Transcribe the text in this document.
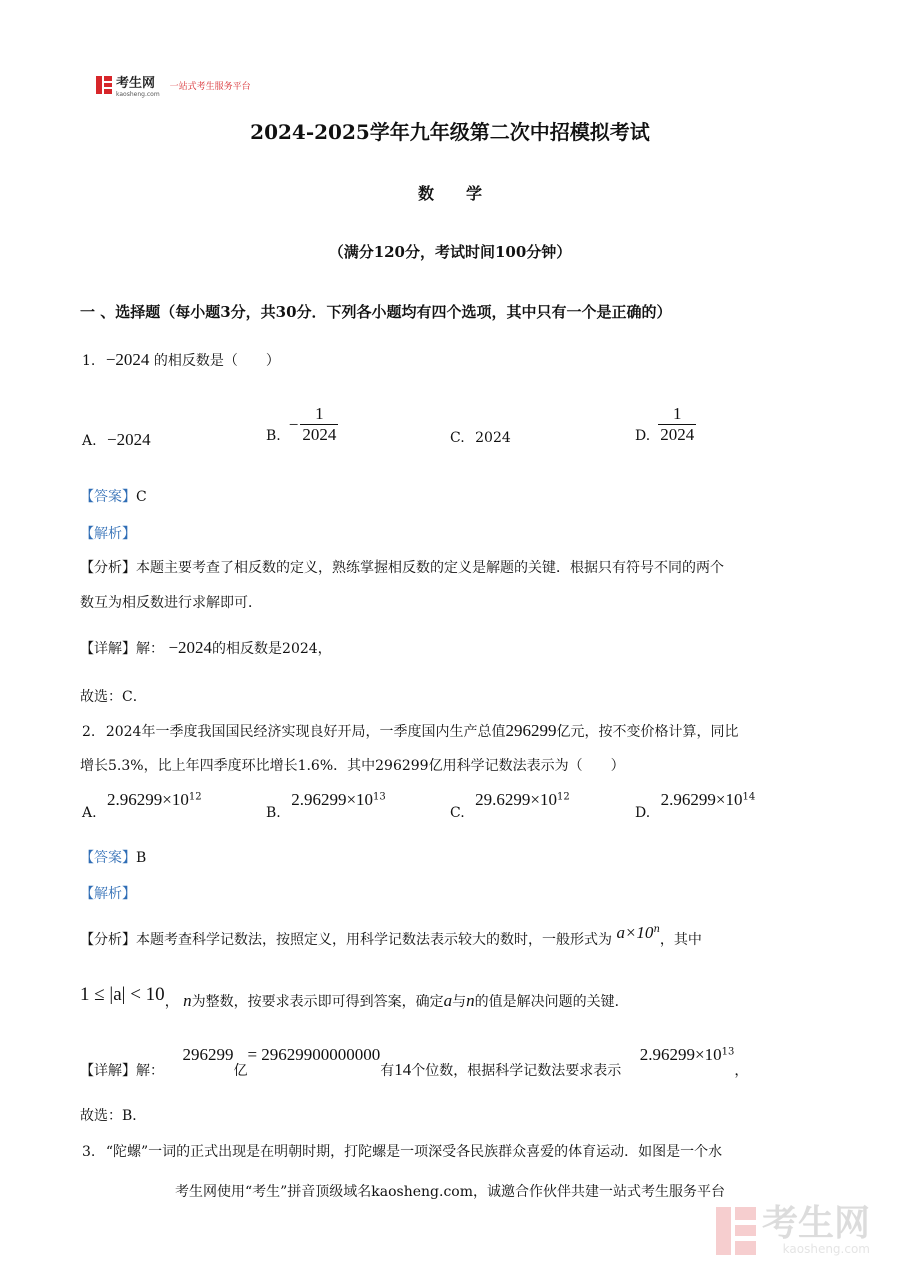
考生网
kaosheng.com
一站式考生服务平台
2024-2025学年九年级第二次中招模拟考试
数　　学
（满分120分，考试时间100分钟）
一 、选择题（每小题3分，共30分．下列各小题均有四个选项，其中只有一个是正确的）
1. −2024 的相反数是（　　）
A. −2024	B.
− $\frac{1}{2024}$	C. 2024	D. $\frac{1}{2024}$
【答案】C
【解析】
【分析】本题主要考查了相反数的定义，熟练掌握相反数的定义是解题的关键．根据只有符号不同的两个
数互为相反数进行求解即可．
【详解】解： −2024的相反数是2024，
故选：C．
2. 2024年一季度我国国民经济实现良好开局，一季度国内生产总值296299亿元，按不变价格计算，同比
增长5.3%，比上年四季度环比增长1.6%．其中296299亿用科学记数法表示为（　　）
A. $2.96299\times 10^{12}$
B. $2.96299\times 10^{13}$
C. $29.6299\times 10^{12}$
D. $2.96299\times 10^{14}$
【答案】B
【解析】
【分析】本题考查科学记数法，按照定义，用科学记数法表示较大的数时，一般形式为 $a\times 10^n$，其中
1 ≤ |a| < 10， n为整数，按要求表示即可得到答案，确定a与n的值是解决问题的关键．
【详解】解： 296299亿= 29629900000000有14个位数，根据科学记数法要求表示 $2.96299\times 10^{13}$，
故选：B．
3. “陀螺”一词的正式出现是在明朝时期，打陀螺是一项深受各民族群众喜爱的体育运动．如图是一个水
考生网使用“考生”拼音顶级域名kaosheng.com，诚邀合作伙伴共建一站式考生服务平台
考生网
kaosheng.com
